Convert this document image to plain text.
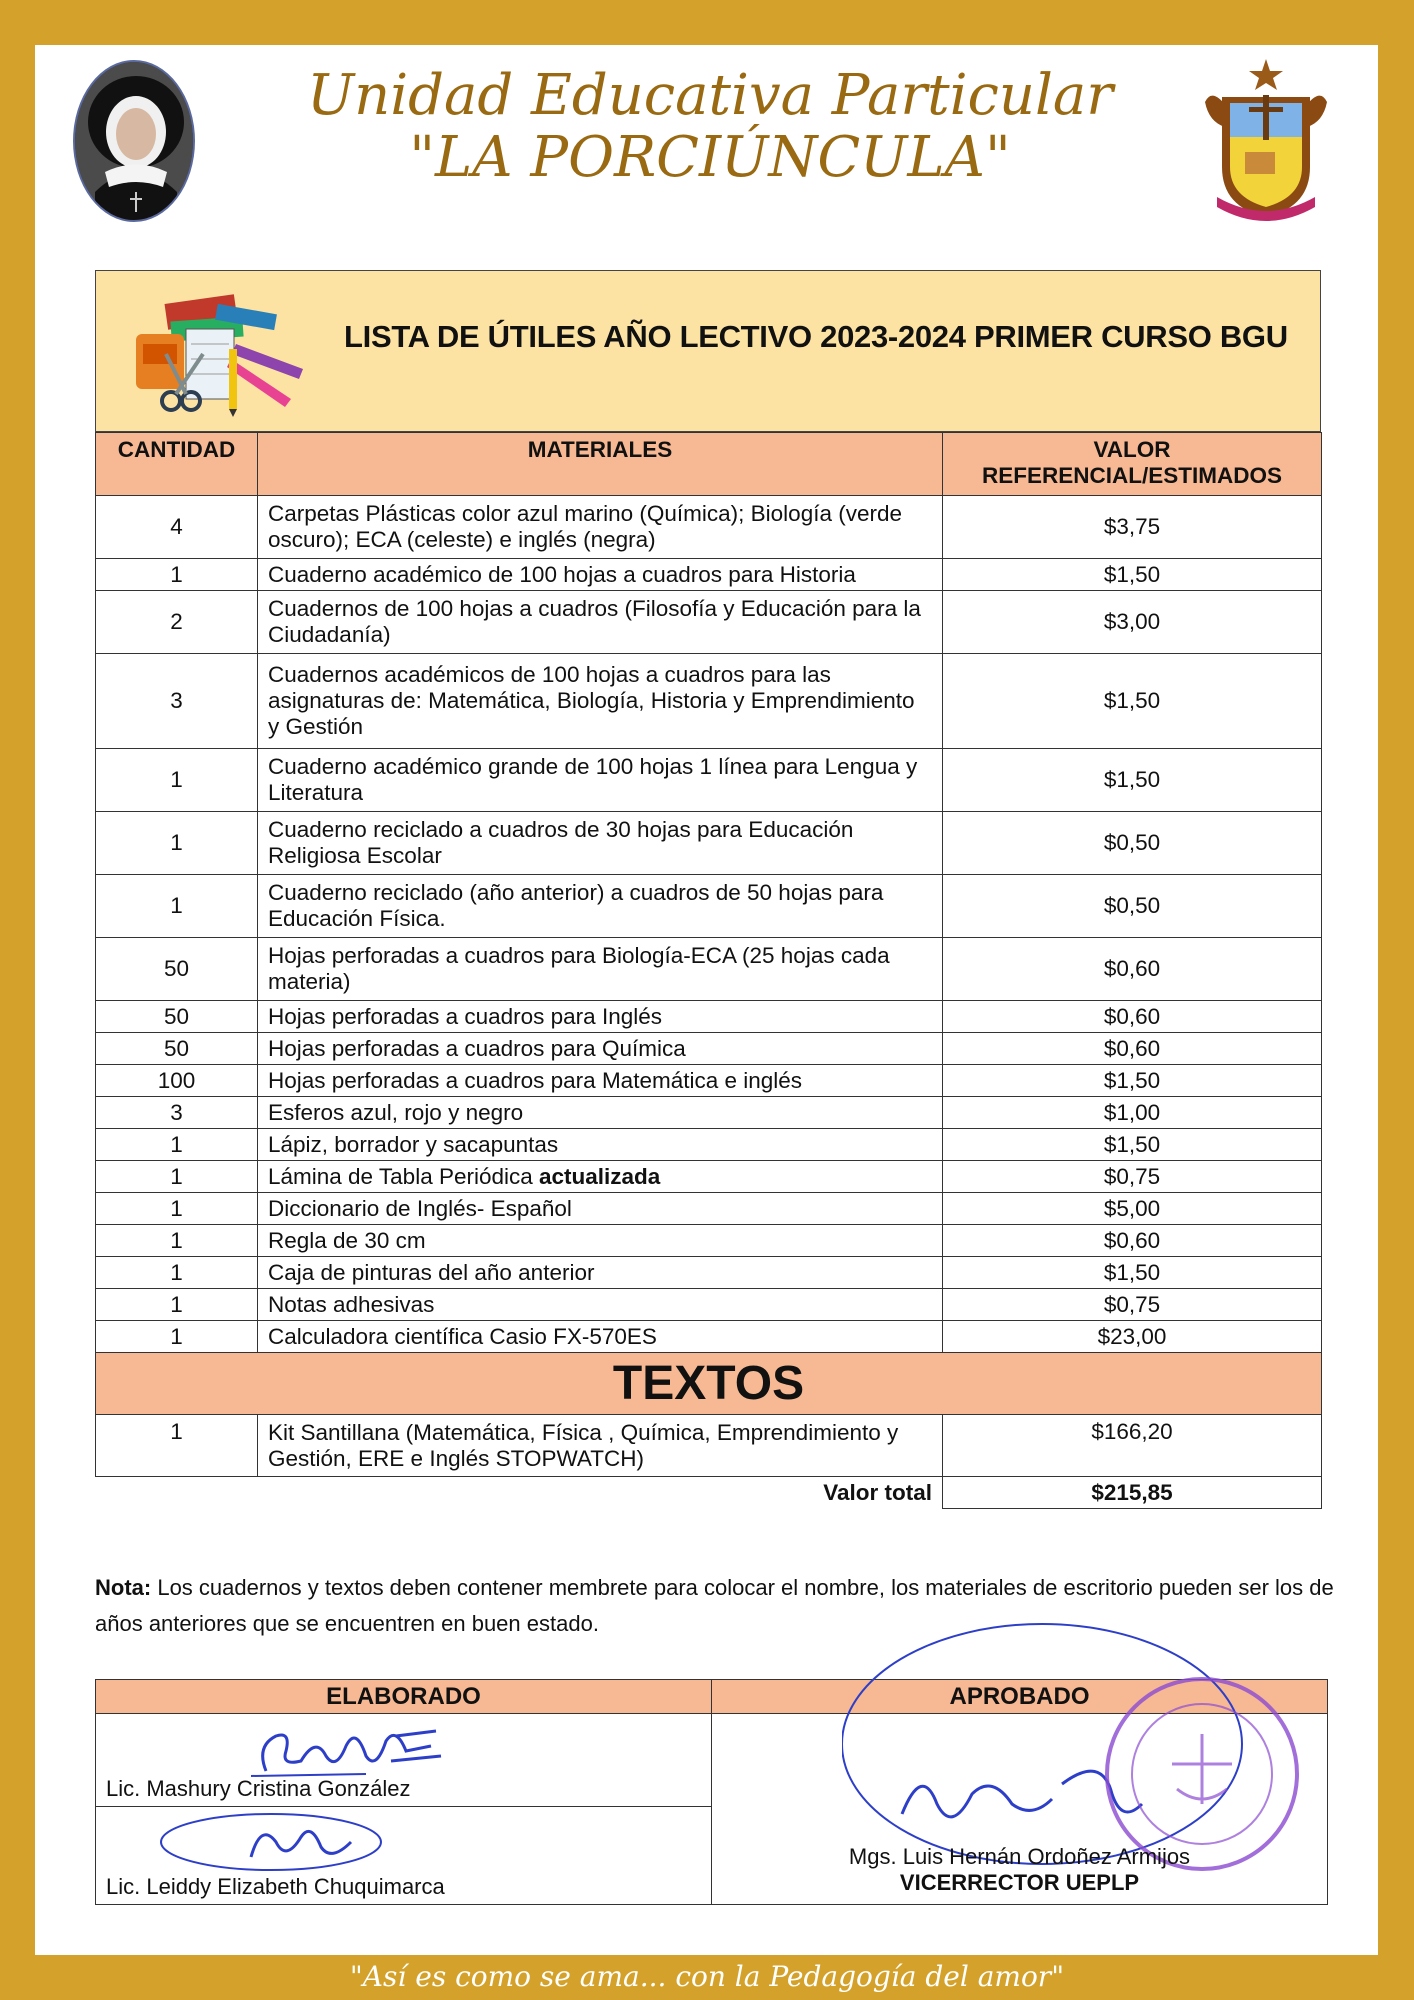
Unidad Educativa Particular
"LA PORCIÚNCULA"
LISTA DE ÚTILES AÑO LECTIVO 2023-2024 PRIMER CURSO BGU
CANTIDAD	MATERIALES	VALOR
REFERENCIAL/ESTIMADOS

4	Carpetas Plásticas color azul marino (Química); Biología (verde oscuro); ECA (celeste) e inglés (negra)	$3,75
1	Cuaderno académico de 100 hojas a cuadros para Historia	$1,50
2	Cuadernos de 100 hojas a cuadros (Filosofía y Educación para la Ciudadanía)	$3,00
3	Cuadernos académicos de 100 hojas a cuadros para las asignaturas de: Matemática, Biología, Historia y Emprendimiento y Gestión	$1,50
1	Cuaderno académico grande de 100 hojas 1 línea para Lengua y Literatura	$1,50
1	Cuaderno reciclado a cuadros de 30 hojas para Educación Religiosa Escolar	$0,50
1	Cuaderno reciclado (año anterior) a cuadros de 50 hojas para Educación Física.	$0,50
50	Hojas perforadas a cuadros para Biología-ECA (25 hojas cada materia)	$0,60
50	Hojas perforadas a cuadros para Inglés	$0,60
50	Hojas perforadas a cuadros para Química	$0,60
100	Hojas perforadas a cuadros para Matemática e inglés	$1,50
3	Esferos azul, rojo y negro	$1,00
1	Lápiz, borrador y sacapuntas	$1,50
1	Lámina de Tabla Periódica actualizada	$0,75
1	Diccionario de Inglés- Español	$5,00
1	Regla de 30 cm	$0,60
1	Caja de pinturas del año anterior	$1,50
1	Notas adhesivas	$0,75
1	Calculadora científica Casio FX-570ES	$23,00
TEXTOS		
1	Kit Santillana (Matemática, Física , Química, Emprendimiento y Gestión, ERE e Inglés STOPWATCH)	$166,20
	Valor total	$215,85
Nota: Los cuadernos y textos deben contener membrete para colocar el nombre, los materiales de escritorio pueden ser los de años anteriores que se encuentren en buen estado.
ELABORADO	APROBADO

Lic. Mashury Cristina González	Mgs. Luis Hernán Ordoñez Armijos
VICERRECTOR UEPLP

Lic. Leiddy Elizabeth Chuquimarca	
"Así es como se ama... con la Pedagogía del amor"
